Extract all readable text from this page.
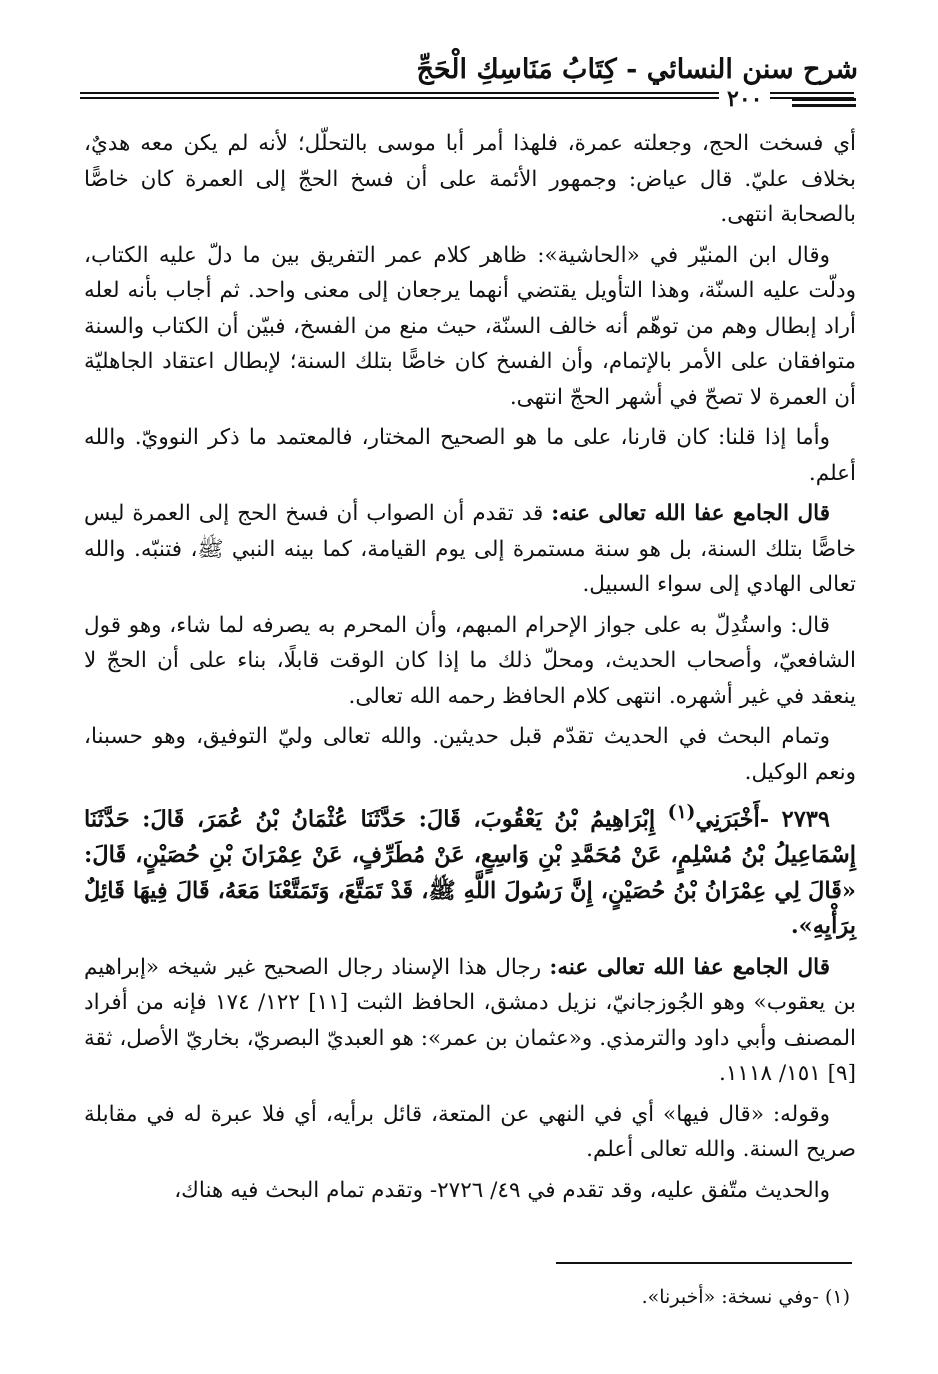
شرح سنن النسائي - كِتَابُ مَنَاسِكِ الْحَجِّ
٢٠٠

أي فسخت الحج، وجعلته عمرة، فلهذا أمر أبا موسى بالتحلّل؛ لأنه لم يكن معه هديٌ، بخلاف عليّ. قال عياض: وجمهور الأئمة على أن فسخ الحجّ إلى العمرة كان خاصًّا بالصحابة انتهى.

وقال ابن المنيّر في «الحاشية»: ظاهر كلام عمر التفريق بين ما دلّ عليه الكتاب، ودلّت عليه السنّة، وهذا التأويل يقتضي أنهما يرجعان إلى معنى واحد. ثم أجاب بأنه لعله أراد إبطال وهم من توهّم أنه خالف السنّة، حيث منع من الفسخ، فبيّن أن الكتاب والسنة متوافقان على الأمر بالإتمام، وأن الفسخ كان خاصًّا بتلك السنة؛ لإبطال اعتقاد الجاهليّة أن العمرة لا تصحّ في أشهر الحجّ انتهى.

وأما إذا قلنا: كان قارنا، على ما هو الصحيح المختار، فالمعتمد ما ذكر النوويّ. والله أعلم.

قال الجامع عفا الله تعالى عنه: قد تقدم أن الصواب أن فسخ الحج إلى العمرة ليس خاصًّا بتلك السنة، بل هو سنة مستمرة إلى يوم القيامة، كما بينه النبي ﷺ، فتنبّه. والله تعالى الهادي إلى سواء السبيل.

قال: واستُدِلّ به على جواز الإحرام المبهم، وأن المحرم به يصرفه لما شاء، وهو قول الشافعيّ، وأصحاب الحديث، ومحلّ ذلك ما إذا كان الوقت قابلًا، بناء على أن الحجّ لا ينعقد في غير أشهره. انتهى كلام الحافظ رحمه الله تعالى.

وتمام البحث في الحديث تقدّم قبل حديثين. والله تعالى وليّ التوفيق، وهو حسبنا، ونعم الوكيل.

٢٧٣٩ -أَخْبَرَنِي$^{(١)}$ إِبْرَاهِيمُ بْنُ يَعْقُوبَ، قَالَ: حَدَّثَنَا عُثْمَانُ بْنُ عُمَرَ، قَالَ: حَدَّثَنَا إِسْمَاعِيلُ بْنُ مُسْلِمٍ، عَنْ مُحَمَّدِ بْنِ وَاسِعٍ، عَنْ مُطَرِّفٍ، عَنْ عِمْرَانَ بْنِ حُصَيْنٍ، قَالَ: «قَالَ لِي عِمْرَانُ بْنُ حُصَيْنٍ، إِنَّ رَسُولَ اللَّهِ ﷺ، قَدْ تَمَتَّعَ، وَتَمَتَّعْنَا مَعَهُ، قَالَ فِيهَا قَائِلٌ بِرَأْيِهِ».

قال الجامع عفا الله تعالى عنه: رجال هذا الإسناد رجال الصحيح غير شيخه «إبراهيم بن يعقوب» وهو الجُوزجانيّ، نزيل دمشق، الحافظ الثبت [١١] ١٢٢/ ١٧٤ فإنه من أفراد المصنف وأبي داود والترمذي. و«عثمان بن عمر»: هو العبديّ البصريّ، بخاريّ الأصل، ثقة [٩] ١٥١/ ١١١٨.

وقوله: «قال فيها» أي في النهي عن المتعة، قائل برأيه، أي فلا عبرة له في مقابلة صريح السنة. والله تعالى أعلم.

والحديث متّفق عليه، وقد تقدم في ٤٩/ ٢٧٢٦- وتقدم تمام البحث فيه هناك،

(١) -وفي نسخة: «أخبرنا».
